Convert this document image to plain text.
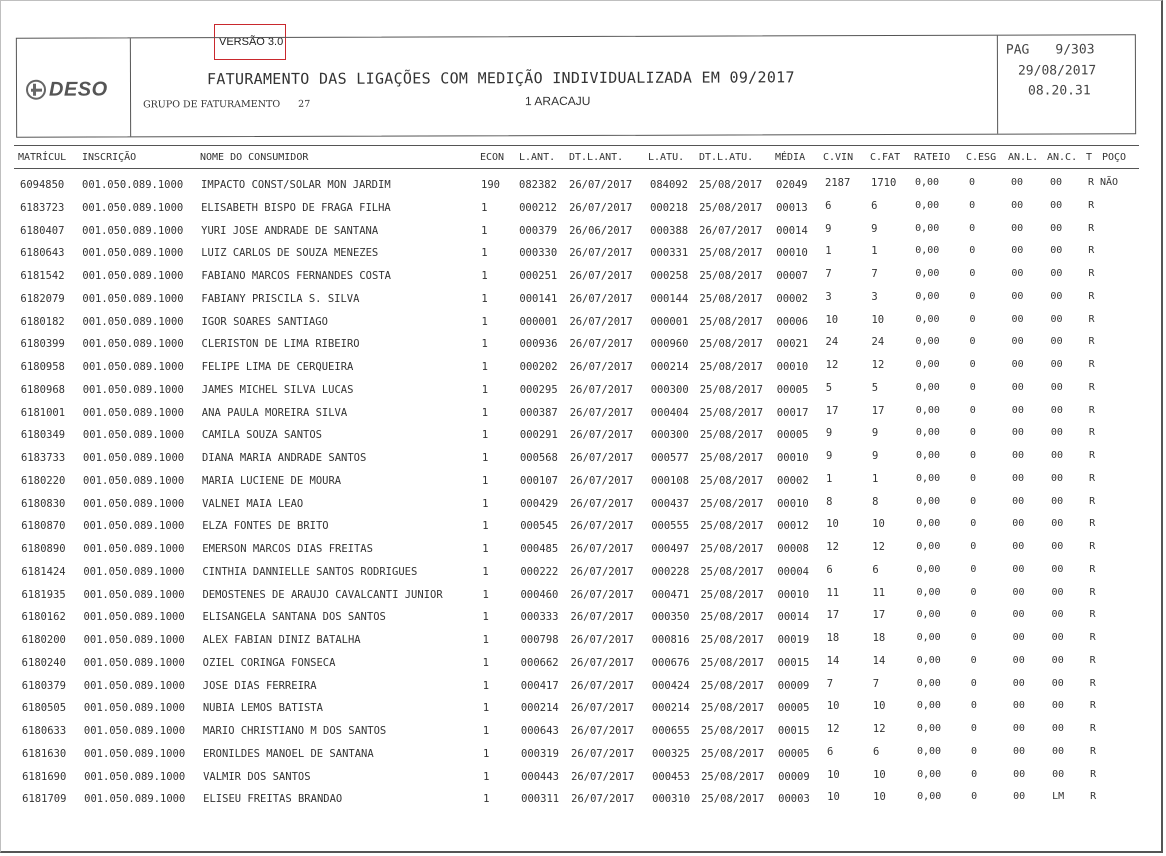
VERSÃO 3.0
DESO	FATURAMENTO DAS LIGAÇÕES COM MEDIÇÃO INDIVIDUALIZADA EM 09/2017
GRUPO DE FATURAMENTO 27	1 ARACAJU
PAG 9/303
29/08/2017
08.20.31
MATRÍCUL INSCRIÇÃO	NOME DO CONSUMIDOR	ECON L.ANT. DT.L.ANT. L.ATU. DT.L.ATU. MÉDIA C.VIN C.FAT RATEIO C.ESG AN.L. AN.C. T POÇO
6094850 001.050.089.1000 IMPACTO CONST/SOLAR MON JARDIM	190 082382 26/07/2017 084092 25/08/2017 02049 2187 1710 0,00	0	00	00	R NÃO
6183723 001.050.089.1000 ELISABETH BISPO DE FRAGA FILHA	1	000212 26/07/2017 000218 25/08/2017 00013 6	6	0,00	0	00	00	R
6180407 001.050.089.1000 YURI JOSE ANDRADE DE SANTANA	1	000379 26/06/2017 000388 26/07/2017 00014 9	9	0,00	0	00	00	R
6180643 001.050.089.1000 LUIZ CARLOS DE SOUZA MENEZES	1	000330 26/07/2017 000331 25/08/2017 00010 1	1	0,00	0	00	00	R
6181542 001.050.089.1000 FABIANO MARCOS FERNANDES COSTA	1	000251 26/07/2017 000258 25/08/2017 00007 7	7	0,00	0	00	00	R
6182079 001.050.089.1000 FABIANY PRISCILA S. SILVA	1	000141 26/07/2017 000144 25/08/2017 00002 3	3	0,00	0	00	00	R
6180182 001.050.089.1000 IGOR SOARES SANTIAGO	1	000001 26/07/2017 000001 25/08/2017 00006 10	10	0,00	0	00	00	R
6180399 001.050.089.1000 CLERISTON DE LIMA RIBEIRO	1	000936 26/07/2017 000960 25/08/2017 00021 24	24	0,00	0	00	00	R
6180958 001.050.089.1000 FELIPE LIMA DE CERQUEIRA	1	000202 26/07/2017 000214 25/08/2017 00010 12	12	0,00	0	00	00	R
6180968 001.050.089.1000 JAMES MICHEL SILVA LUCAS	1	000295 26/07/2017 000300 25/08/2017 00005 5	5	0,00	0	00	00	R
6181001 001.050.089.1000 ANA PAULA MOREIRA SILVA	1	000387 26/07/2017 000404 25/08/2017 00017 17	17	0,00	0	00	00	R
6180349 001.050.089.1000 CAMILA SOUZA SANTOS	1	000291 26/07/2017 000300 25/08/2017 00005 9	9	0,00	0	00	00	R
6183733 001.050.089.1000 DIANA MARIA ANDRADE SANTOS	1	000568 26/07/2017 000577 25/08/2017 00010 9	9	0,00	0	00	00	R
6180220 001.050.089.1000 MARIA LUCIENE DE MOURA	1	000107 26/07/2017 000108 25/08/2017 00002 1	1	0,00	0	00	00	R
6180830 001.050.089.1000 VALNEI MAIA LEAO	1	000429 26/07/2017 000437 25/08/2017 00010 8	8	0,00	0	00	00	R
6180870 001.050.089.1000 ELZA FONTES DE BRITO	1	000545 26/07/2017 000555 25/08/2017 00012 10	10	0,00	0	00	00	R
6180890 001.050.089.1000 EMERSON MARCOS DIAS FREITAS	1	000485 26/07/2017 000497 25/08/2017 00008 12	12	0,00	0	00	00	R
6181424 001.050.089.1000 CINTHIA DANNIELLE SANTOS RODRIGUES	1	000222 26/07/2017 000228 25/08/2017 00004 6	6	0,00	0	00	00	R
6181935 001.050.089.1000 DEMOSTENES DE ARAUJO CAVALCANTI JUNIOR	1	000460 26/07/2017 000471 25/08/2017 00010 11	11	0,00	0	00	00	R
6180162 001.050.089.1000 ELISANGELA SANTANA DOS SANTOS	1	000333 26/07/2017 000350 25/08/2017 00014 17	17	0,00	0	00	00	R
6180200 001.050.089.1000 ALEX FABIAN DINIZ BATALHA	1	000798 26/07/2017 000816 25/08/2017 00019 18	18	0,00	0	00	00	R
6180240 001.050.089.1000 OZIEL CORINGA FONSECA	1	000662 26/07/2017 000676 25/08/2017 00015 14	14	0,00	0	00	00	R
6180379 001.050.089.1000 JOSE DIAS FERREIRA	1	000417 26/07/2017 000424 25/08/2017 00009 7	7	0,00	0	00	00	R
6180505 001.050.089.1000 NUBIA LEMOS BATISTA	1	000214 26/07/2017 000214 25/08/2017 00005 10	10	0,00	0	00	00	R
6180633 001.050.089.1000 MARIO CHRISTIANO M DOS SANTOS	1	000643 26/07/2017 000655 25/08/2017 00015 12	12	0,00	0	00	00	R
6181630 001.050.089.1000 ERONILDES MANOEL DE SANTANA	1	000319 26/07/2017 000325 25/08/2017 00005 6	6	0,00	0	00	00	R
6181690 001.050.089.1000 VALMIR DOS SANTOS	1	000443 26/07/2017 000453 25/08/2017 00009 10	10	0,00	0	00	00	R
6181709 001.050.089.1000 ELISEU FREITAS BRANDAO	1	000311 26/07/2017 000310 25/08/2017 00003 10	10	0,00	0	00	LM	R
